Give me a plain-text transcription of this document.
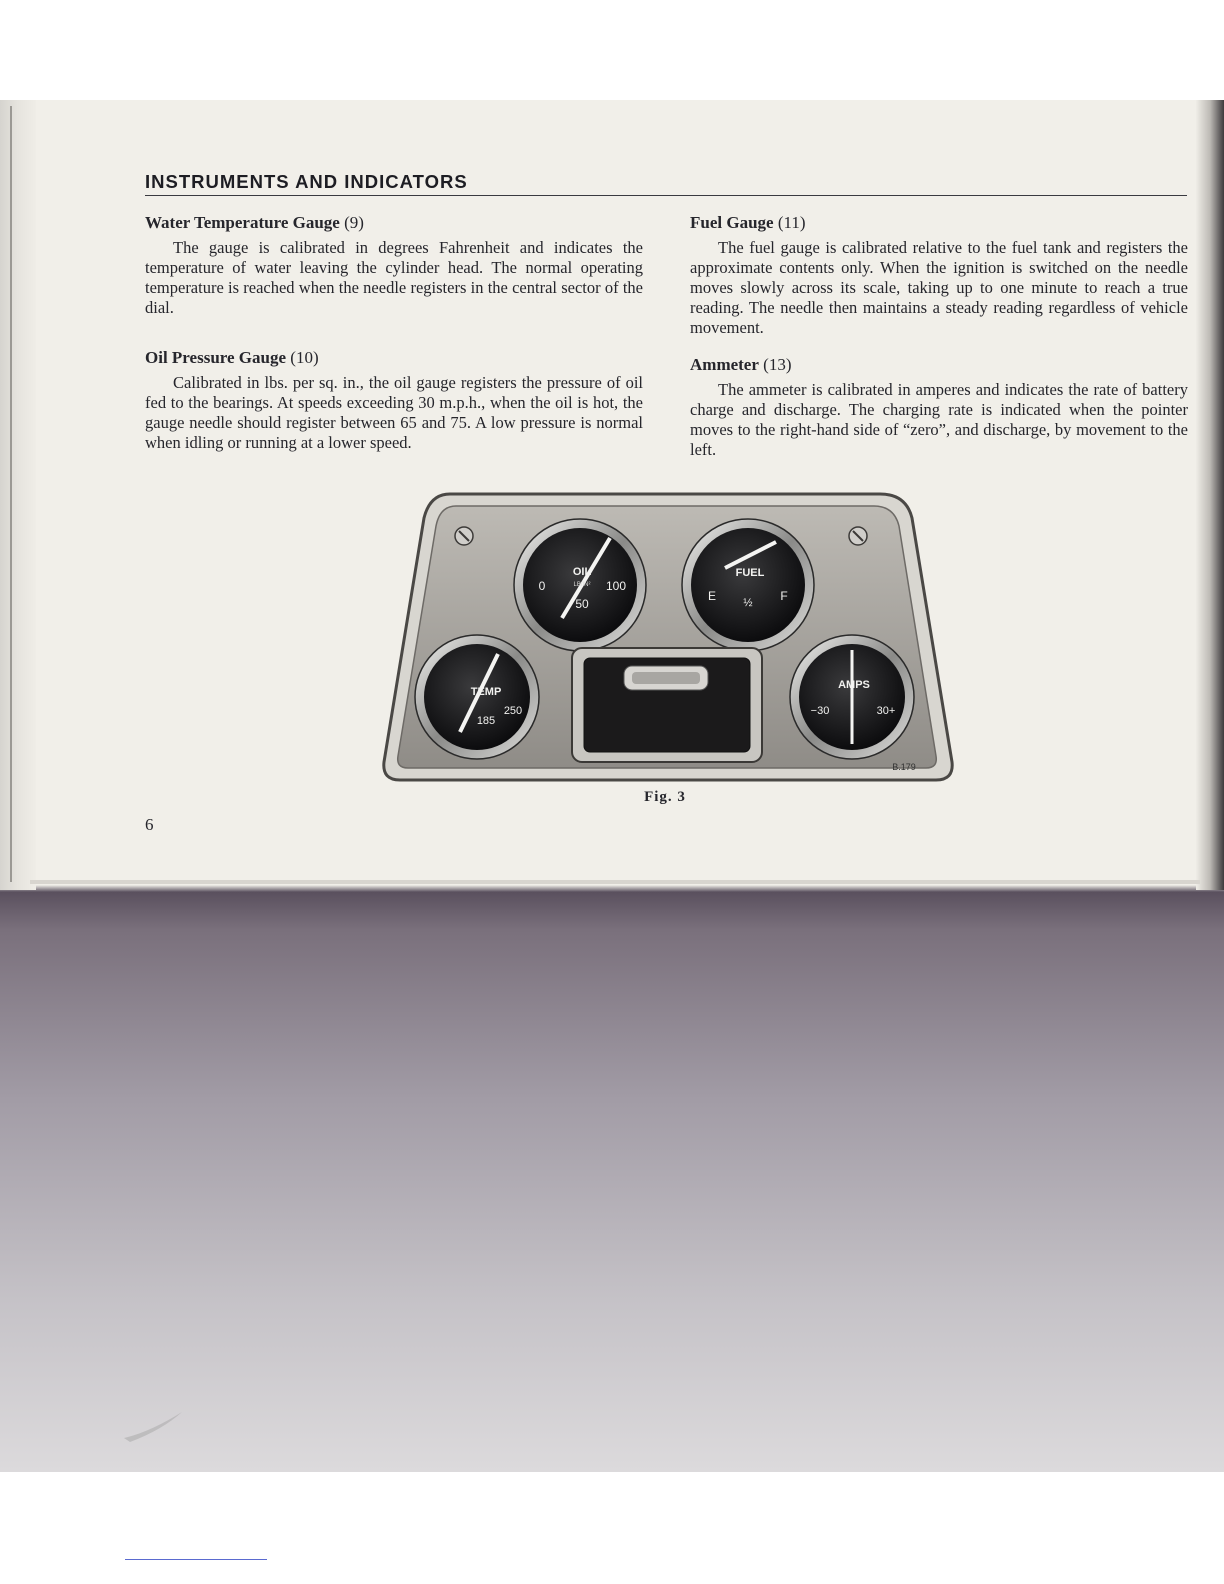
INSTRUMENTS AND INDICATORS
Water Temperature Gauge (9)

The gauge is calibrated in degrees Fahrenheit and indicates the temperature of water leaving the cylinder head. The normal operating temperature is reached when the needle registers in the central sector of the dial.

Oil Pressure Gauge (10)

Calibrated in lbs. per sq. in., the oil gauge registers the pressure of oil fed to the bearings. At speeds exceeding 30 m.p.h., when the oil is hot, the gauge needle should register between 65 and 75. A low pressure is normal when idling or running at a lower speed.

Fuel Gauge (11)

The fuel gauge is calibrated relative to the fuel tank and registers the approximate contents only. When the ignition is switched on the needle moves slowly across its scale, taking up to one minute to reach a true reading. The needle then maintains a steady reading regardless of vehicle movement.

Ammeter (13)

The ammeter is calibrated in amperes and indicates the rate of battery charge and discharge. The charging rate is indicated when the pointer moves to the right-hand side of “zero”, and discharge, by movement to the left.

OIL
LB/IN²
0
50
100
FUEL
E ½ F
TEMP
185
250
AMPS
−30	30+
B.179
Fig. 3
6
